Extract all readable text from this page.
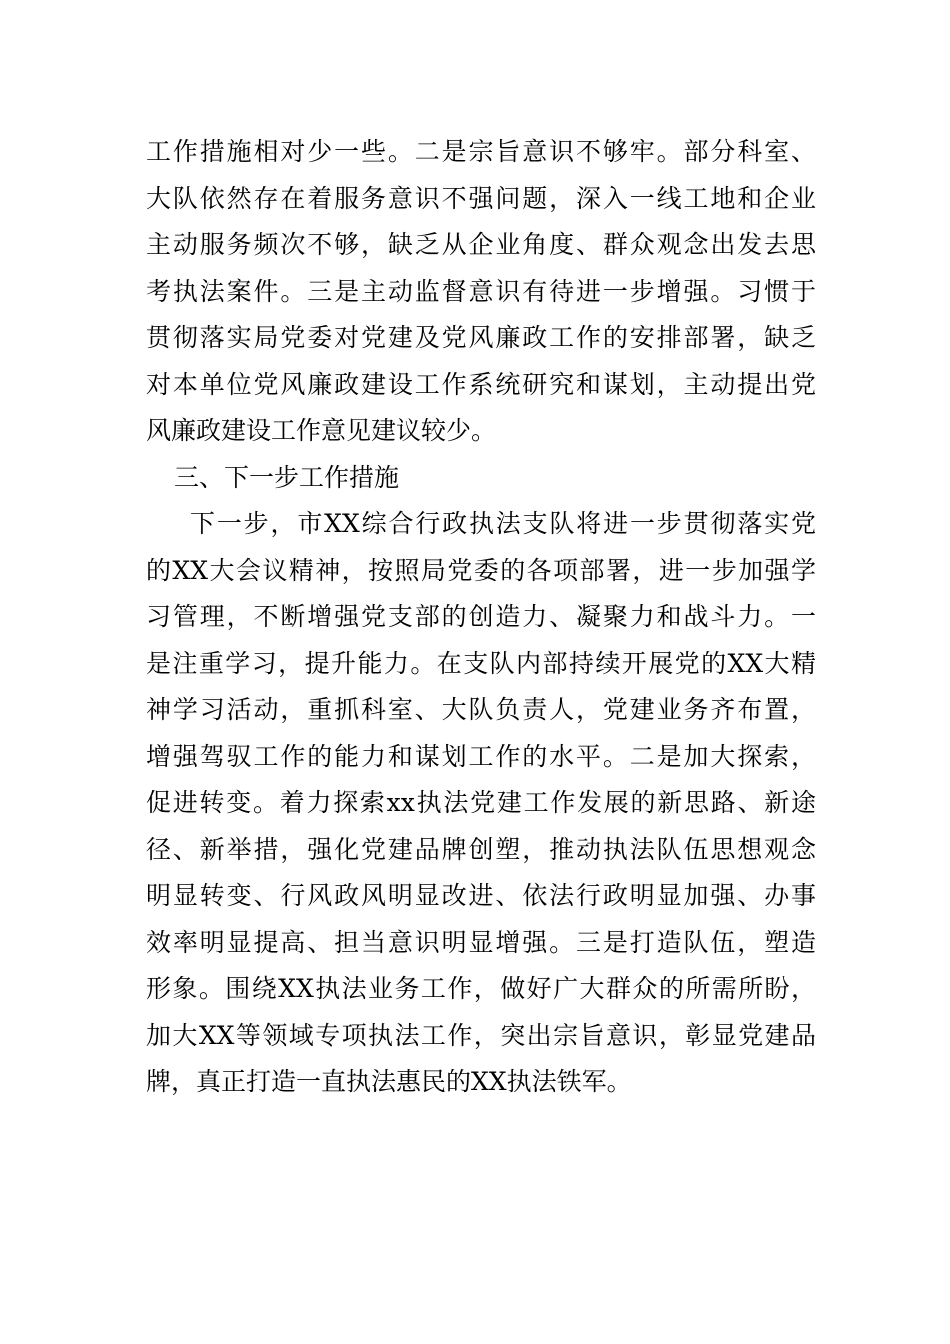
工作措施相对少一些。二是宗旨意识不够牢。部分科室、
大队依然存在着服务意识不强问题，深入一线工地和企业
主动服务频次不够，缺乏从企业角度、群众观念出发去思
考执法案件。三是主动监督意识有待进一步增强。习惯于
贯彻落实局党委对党建及党风廉政工作的安排部署，缺乏
对本单位党风廉政建设工作系统研究和谋划，主动提出党
风廉政建设工作意见建议较少。
三、下一步工作措施
下一步，市XX综合行政执法支队将进一步贯彻落实党
的XX大会议精神，按照局党委的各项部署，进一步加强学
习管理，不断增强党支部的创造力、凝聚力和战斗力。一
是注重学习，提升能力。在支队内部持续开展党的XX大精
神学习活动，重抓科室、大队负责人，党建业务齐布置，
增强驾驭工作的能力和谋划工作的水平。二是加大探索，
促进转变。着力探索xx执法党建工作发展的新思路、新途
径、新举措，强化党建品牌创塑，推动执法队伍思想观念
明显转变、行风政风明显改进、依法行政明显加强、办事
效率明显提高、担当意识明显增强。三是打造队伍，塑造
形象。围绕XX执法业务工作，做好广大群众的所需所盼，
加大XX等领域专项执法工作，突出宗旨意识，彰显党建品
牌，真正打造一直执法惠民的XX执法铁军。
